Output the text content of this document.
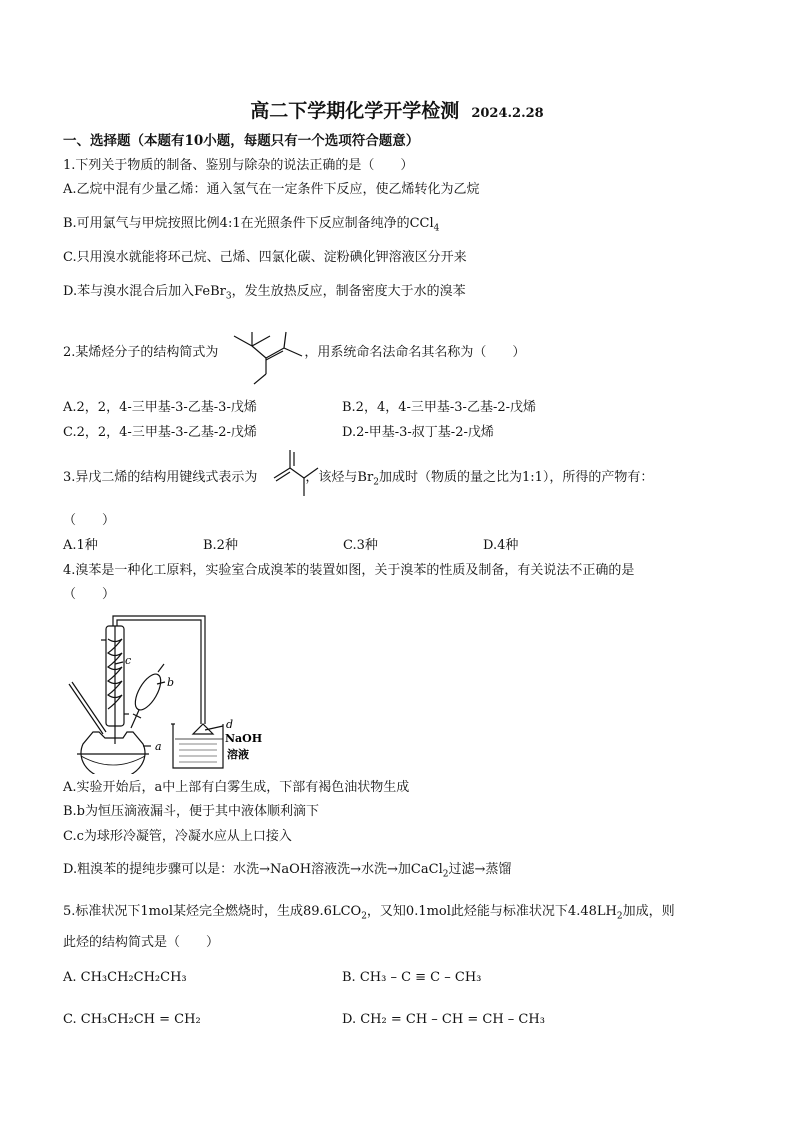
高二下学期化学开学检测 2024.2.28
一、选择题（本题有10小题，每题只有一个选项符合题意）
1.下列关于物质的制备、鉴别与除杂的说法正确的是（　　）
A.乙烷中混有少量乙烯：通入氢气在一定条件下反应，使乙烯转化为乙烷
B.可用氯气与甲烷按照比例4:1在光照条件下反应制备纯净的CCl$_4$
C.只用溴水就能将环己烷、己烯、四氯化碳、淀粉碘化钾溶液区分开来
D.苯与溴水混合后加入FeBr$_3$，发生放热反应，制备密度大于水的溴苯
2.某烯烃分子的结构简式为	，用系统命名法命名其名称为（　　）
A.2，2，4-三甲基-3-乙基-3-戊烯	B.2，4，4-三甲基-3-乙基-2-戊烯
C.2，2，4-三甲基-3-乙基-2-戊烯	D.2-甲基-3-叔丁基-2-戊烯
3.异戊二烯的结构用键线式表示为	，该烃与$Br_2$加成时（物质的量之比为1:1），所得的产物有：
（　　）
A.1种	B.2种	C.3种	D.4种
4.溴苯是一种化工原料，实验室合成溴苯的装置如图，关于溴苯的性质及制备，有关说法不正确的是
（　　）
a
c
b
d
NaOH
溶液
A.实验开始后，a中上部有白雾生成，下部有褐色油状物生成
B.b为恒压滴液漏斗，便于其中液体顺利滴下
C.c为球形冷凝管，冷凝水应从上口接入
D.粗溴苯的提纯步骤可以是：水洗→NaOH溶液洗→水洗→加CaCl$_2$过滤→蒸馏
5.标准状况下1mol某烃完全燃烧时，生成$89.6LCO_2$，又知0.1mol此烃能与标准状况下$4.48LH_2$加成，则
此烃的结构简式是（　　）
A. CH₃CH₂CH₂CH₃	B. CH₃ – C ≡ C – CH₃
C. CH₃CH₂CH = CH₂	D. CH₂ = CH – CH = CH – CH₃
